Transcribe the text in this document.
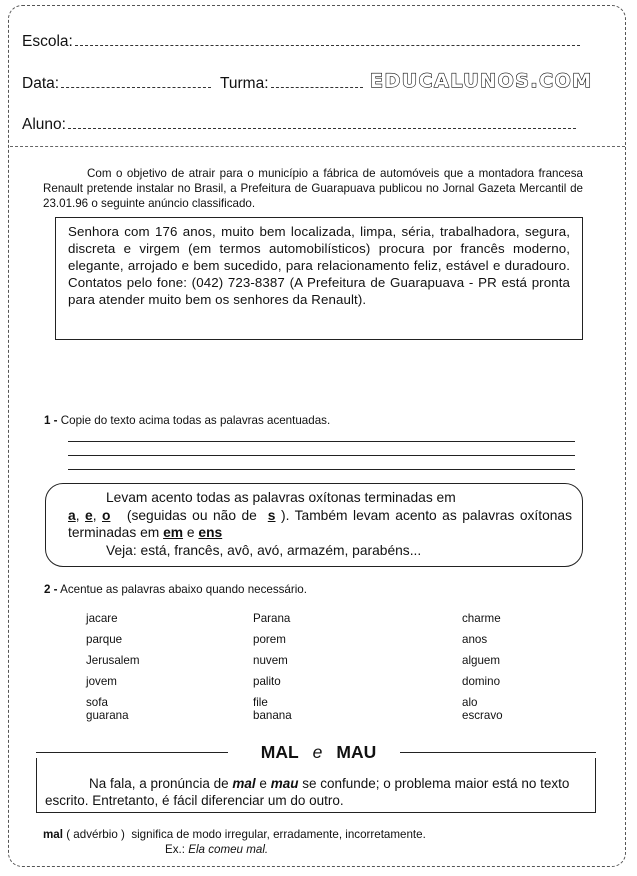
Escola:
Data:	Turma:	EDUCALUNOS.COM
Aluno:
Com o objetivo de atrair para o município a fábrica de automóveis que a montadora francesa Renault pretende instalar no Brasil, a Prefeitura de Guarapuava publicou no Jornal Gazeta Mercantil de 23.01.96 o seguinte anúncio classificado.
Senhora com 176 anos, muito bem localizada, limpa, séria, trabalhadora, segura, discreta e virgem (em termos automobilísticos) procura por francês moderno, elegante, arrojado e bem sucedido, para relacionamento feliz, estável e duradouro. Contatos pelo fone: (042) 723-8387 (A Prefeitura de Guarapuava - PR está pronta para atender muito bem os senhores da Renault).
1 - Copie do texto acima todas as palavras acentuadas.

Levam acento todas as palavras oxítonas terminadas em

a, e, o (seguidas ou não de s ). Também levam acento as palavras oxítonas terminadas em em e ens

Veja: está, francês, avô, avó, armazém, parabéns...

2 - Acentue as palavras abaixo quando necessário.
jacare
parque
Jerusalem
jovem
sofa
guarana
Parana
porem
nuvem
palito
file
banana
charme
anos
alguem
domino
alo
escravo
MAL e MAU

Na fala, a pronúncia de mal e mau se confunde; o problema maior está no texto escrito. Entretanto, é fácil diferenciar um do outro.

mal ( advérbio ) significa de modo irregular, erradamente, incorretamente.
Ex.: Ela comeu mal.
